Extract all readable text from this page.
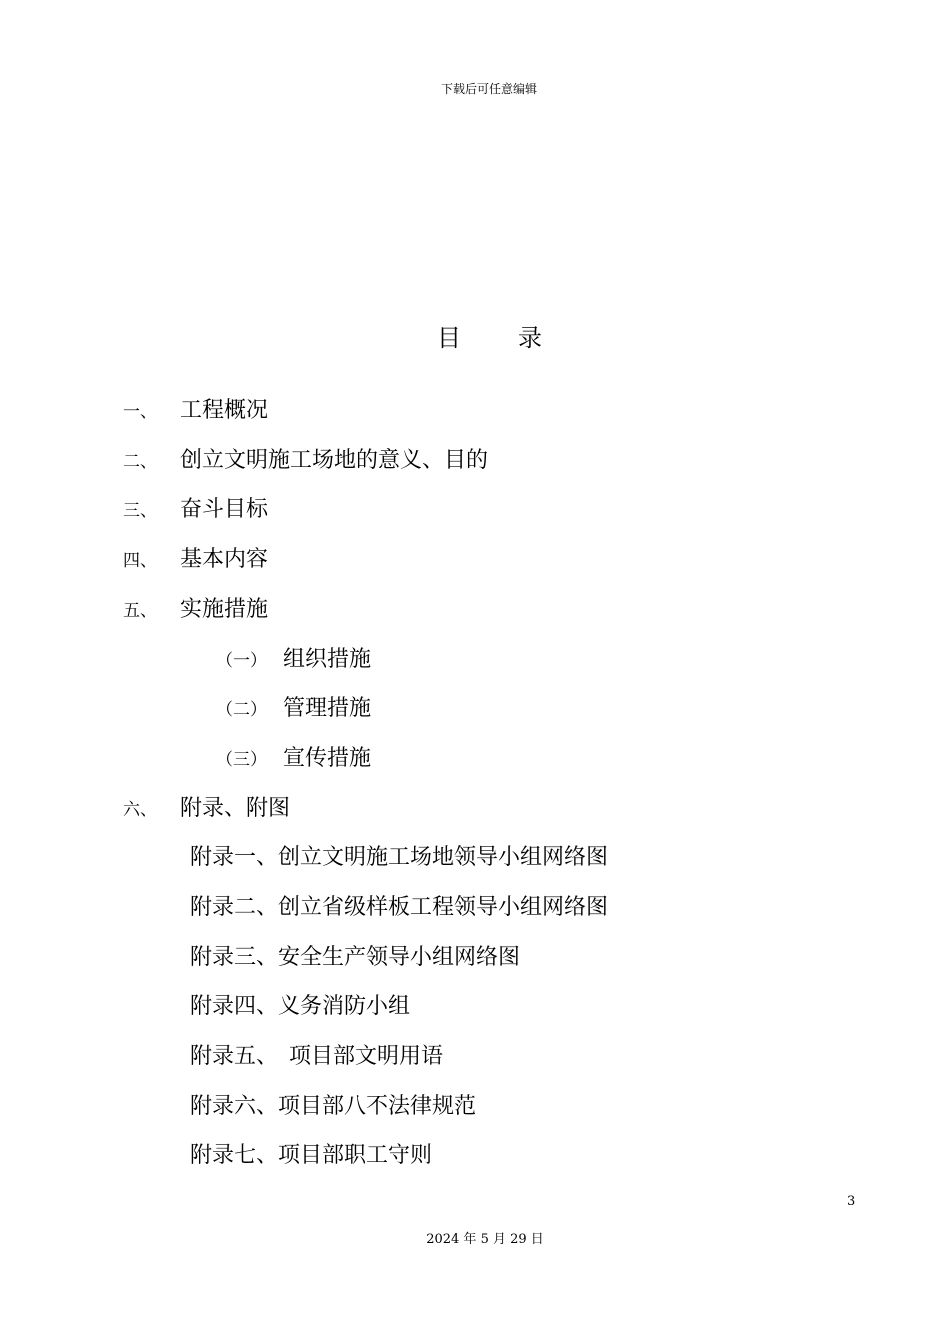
下载后可任意编辑
目 录
一、 工程概况
二、 创立文明施工场地的意义、目的
三、 奋斗目标
四、 基本内容
五、 实施措施
（一） 组织措施
（二） 管理措施
（三） 宣传措施
六、 附录、附图
附录一、创立文明施工场地领导小组网络图
附录二、创立省级样板工程领导小组网络图
附录三、安全生产领导小组网络图
附录四、义务消防小组
附录五、　项目部文明用语
附录六、项目部八不法律规范
附录七、项目部职工守则
3
2024 年 5 月 29 日
